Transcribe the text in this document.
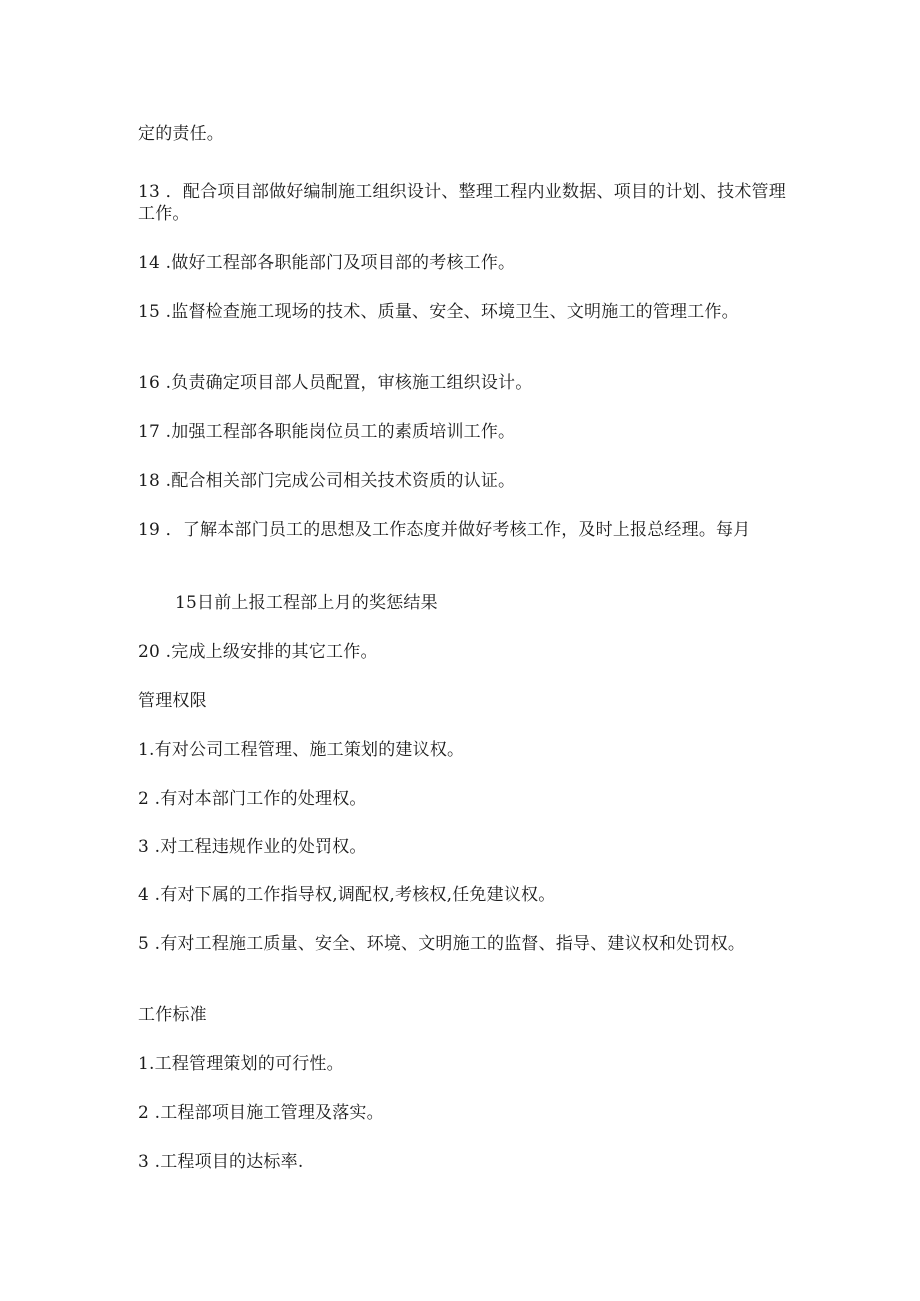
定的责任。
13 ．配合项目部做好编制施工组织设计、整理工程内业数据、项目的计划、技术管理工作。
14 .做好工程部各职能部门及项目部的考核工作。
15 .监督检查施工现场的技术、质量、安全、环境卫生、文明施工的管理工作。
16 .负责确定项目部人员配置，审核施工组织设计。
17 .加强工程部各职能岗位员工的素质培训工作。
18 .配合相关部门完成公司相关技术资质的认证。
19 ．了解本部门员工的思想及工作态度并做好考核工作，及时上报总经理。每月
15日前上报工程部上月的奖惩结果
20 .完成上级安排的其它工作。
管理权限
1.有对公司工程管理、施工策划的建议权。
2 .有对本部门工作的处理权。
3 .对工程违规作业的处罚权。
4 .有对下属的工作指导权,调配权,考核权,任免建议权。
5 .有对工程施工质量、安全、环境、文明施工的监督、指导、建议权和处罚权。
工作标准
1.工程管理策划的可行性。
2 .工程部项目施工管理及落实。
3 .工程项目的达标率.
